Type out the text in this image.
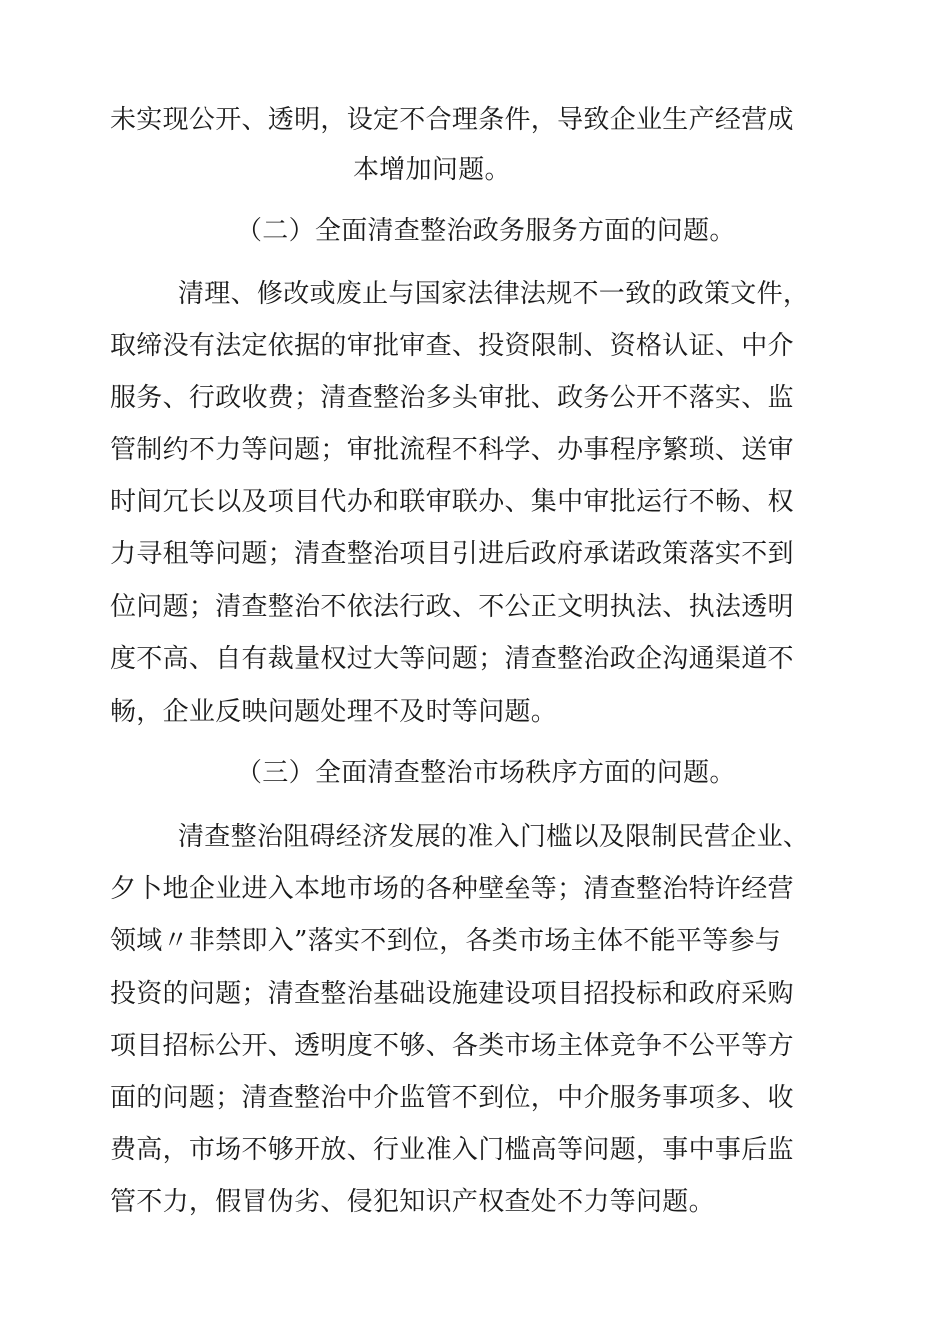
未实现公开、透明，设定不合理条件，导致企业生产经营成
本增加问题。
（二）全面清查整治政务服务方面的问题。
清理、修改或废止与国家法律法规不一致的政策文件，
取缔没有法定依据的审批审查、投资限制、资格认证、中介
服务、行政收费；清查整治多头审批、政务公开不落实、监
管制约不力等问题；审批流程不科学、办事程序繁琐、送审
时间冗长以及项目代办和联审联办、集中审批运行不畅、权
力寻租等问题；清查整治项目引进后政府承诺政策落实不到
位问题；清查整治不依法行政、不公正文明执法、执法透明
度不高、自有裁量权过大等问题；清查整治政企沟通渠道不
畅，企业反映问题处理不及时等问题。
（三）全面清查整治市场秩序方面的问题。
清查整治阻碍经济发展的准入门槛以及限制民营企业、
夕卜地企业进入本地市场的各种壁垒等；清查整治特许经营
领域〃非禁即入”落实不到位，各类市场主体不能平等参与
投资的问题；清查整治基础设施建设项目招投标和政府采购
项目招标公开、透明度不够、各类市场主体竞争不公平等方
面的问题；清查整治中介监管不到位，中介服务事项多、收
费高，市场不够开放、行业准入门槛高等问题，事中事后监
管不力，假冒伪劣、侵犯知识产权查处不力等问题。
